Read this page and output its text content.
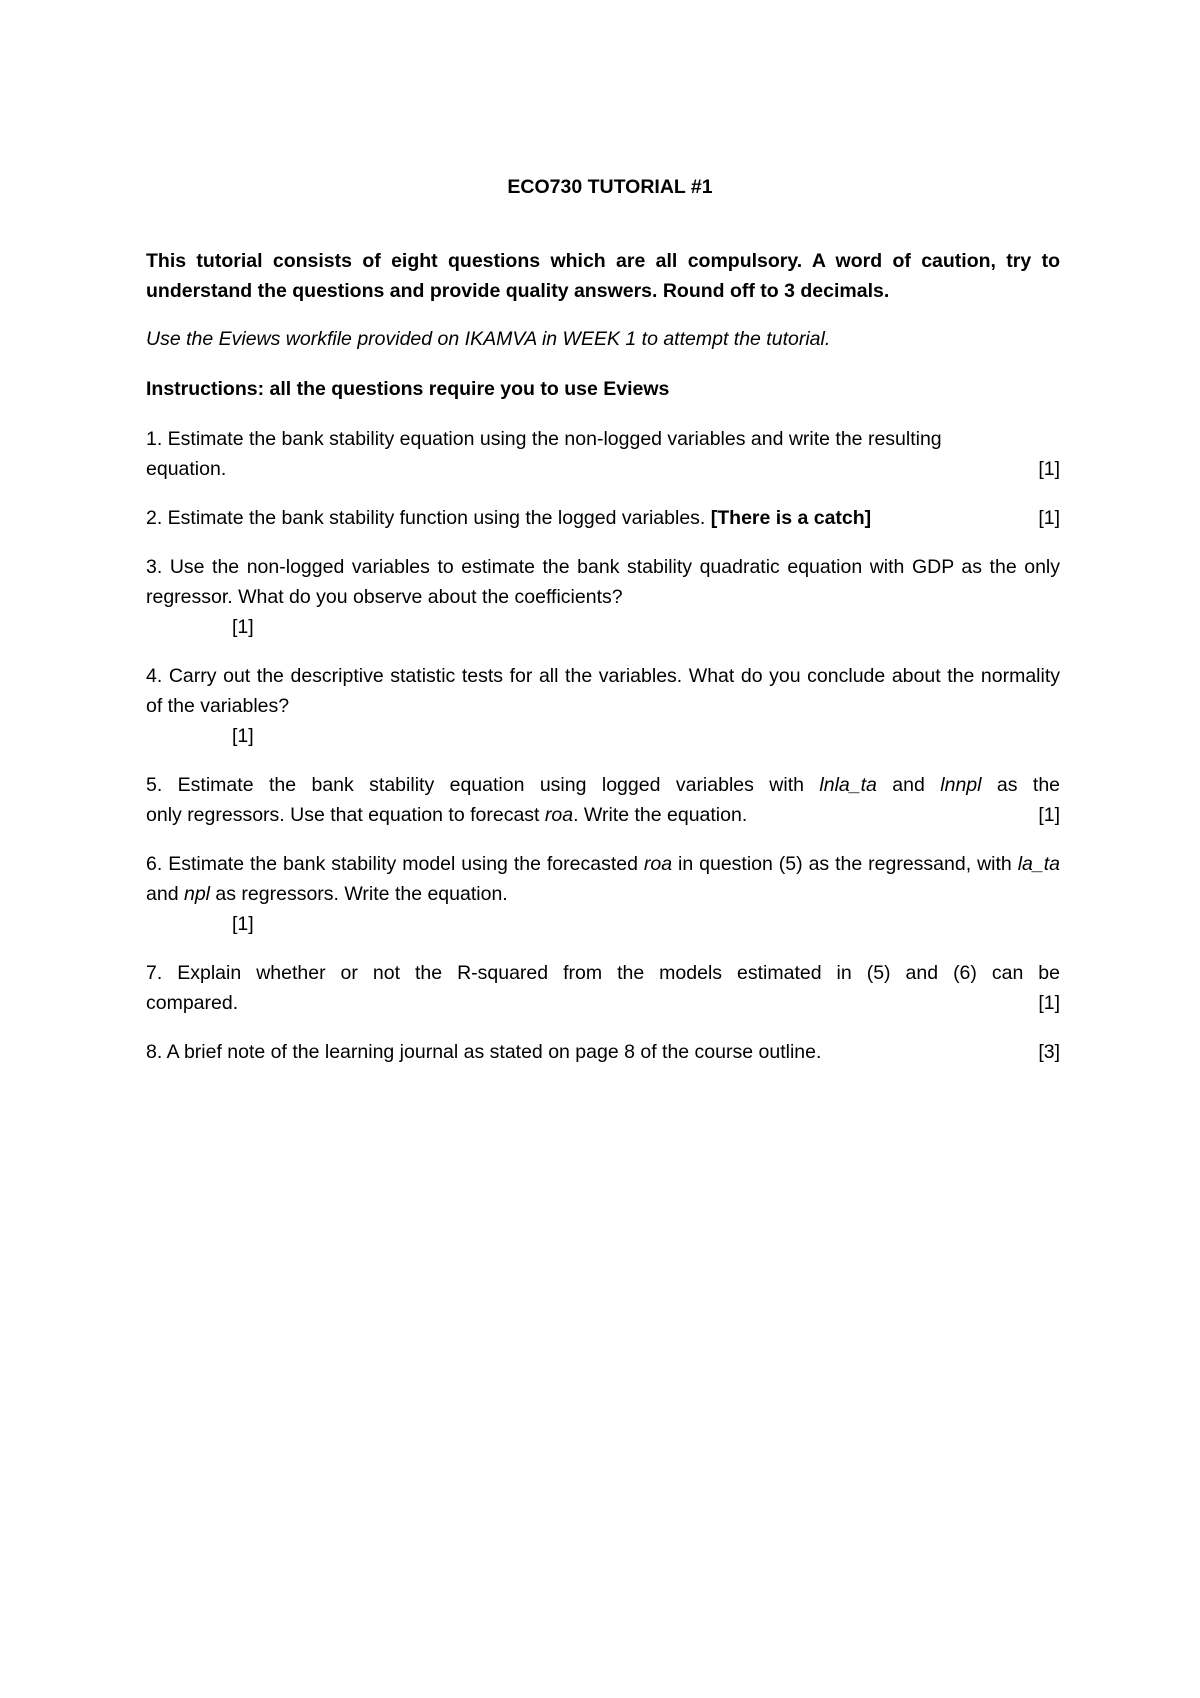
ECO730 TUTORIAL #1
This tutorial consists of eight questions which are all compulsory. A word of caution, try to understand the questions and provide quality answers. Round off to 3 decimals.
Use the Eviews workfile provided on IKAMVA in WEEK 1 to attempt the tutorial.
Instructions: all the questions require you to use Eviews
1. Estimate the bank stability equation using the non-logged variables and write the resulting
equation.	[1]
2. Estimate the bank stability function using the logged variables. [There is a catch]	[1]
3. Use the non-logged variables to estimate the bank stability quadratic equation with GDP as the only regressor. What do you observe about the coefficients?
[1]
4. Carry out the descriptive statistic tests for all the variables. What do you conclude about the normality of the variables?
[1]
5. Estimate the bank stability equation using logged variables with lnla_ta and lnnpl as the
only regressors. Use that equation to forecast roa. Write the equation.	[1]
6. Estimate the bank stability model using the forecasted roa in question (5) as the regressand, with la_ta and npl as regressors. Write the equation.
[1]
7. Explain whether or not the R-squared from the models estimated in (5) and (6) can be
compared.	[1]
8. A brief note of the learning journal as stated on page 8 of the course outline.	[3]
